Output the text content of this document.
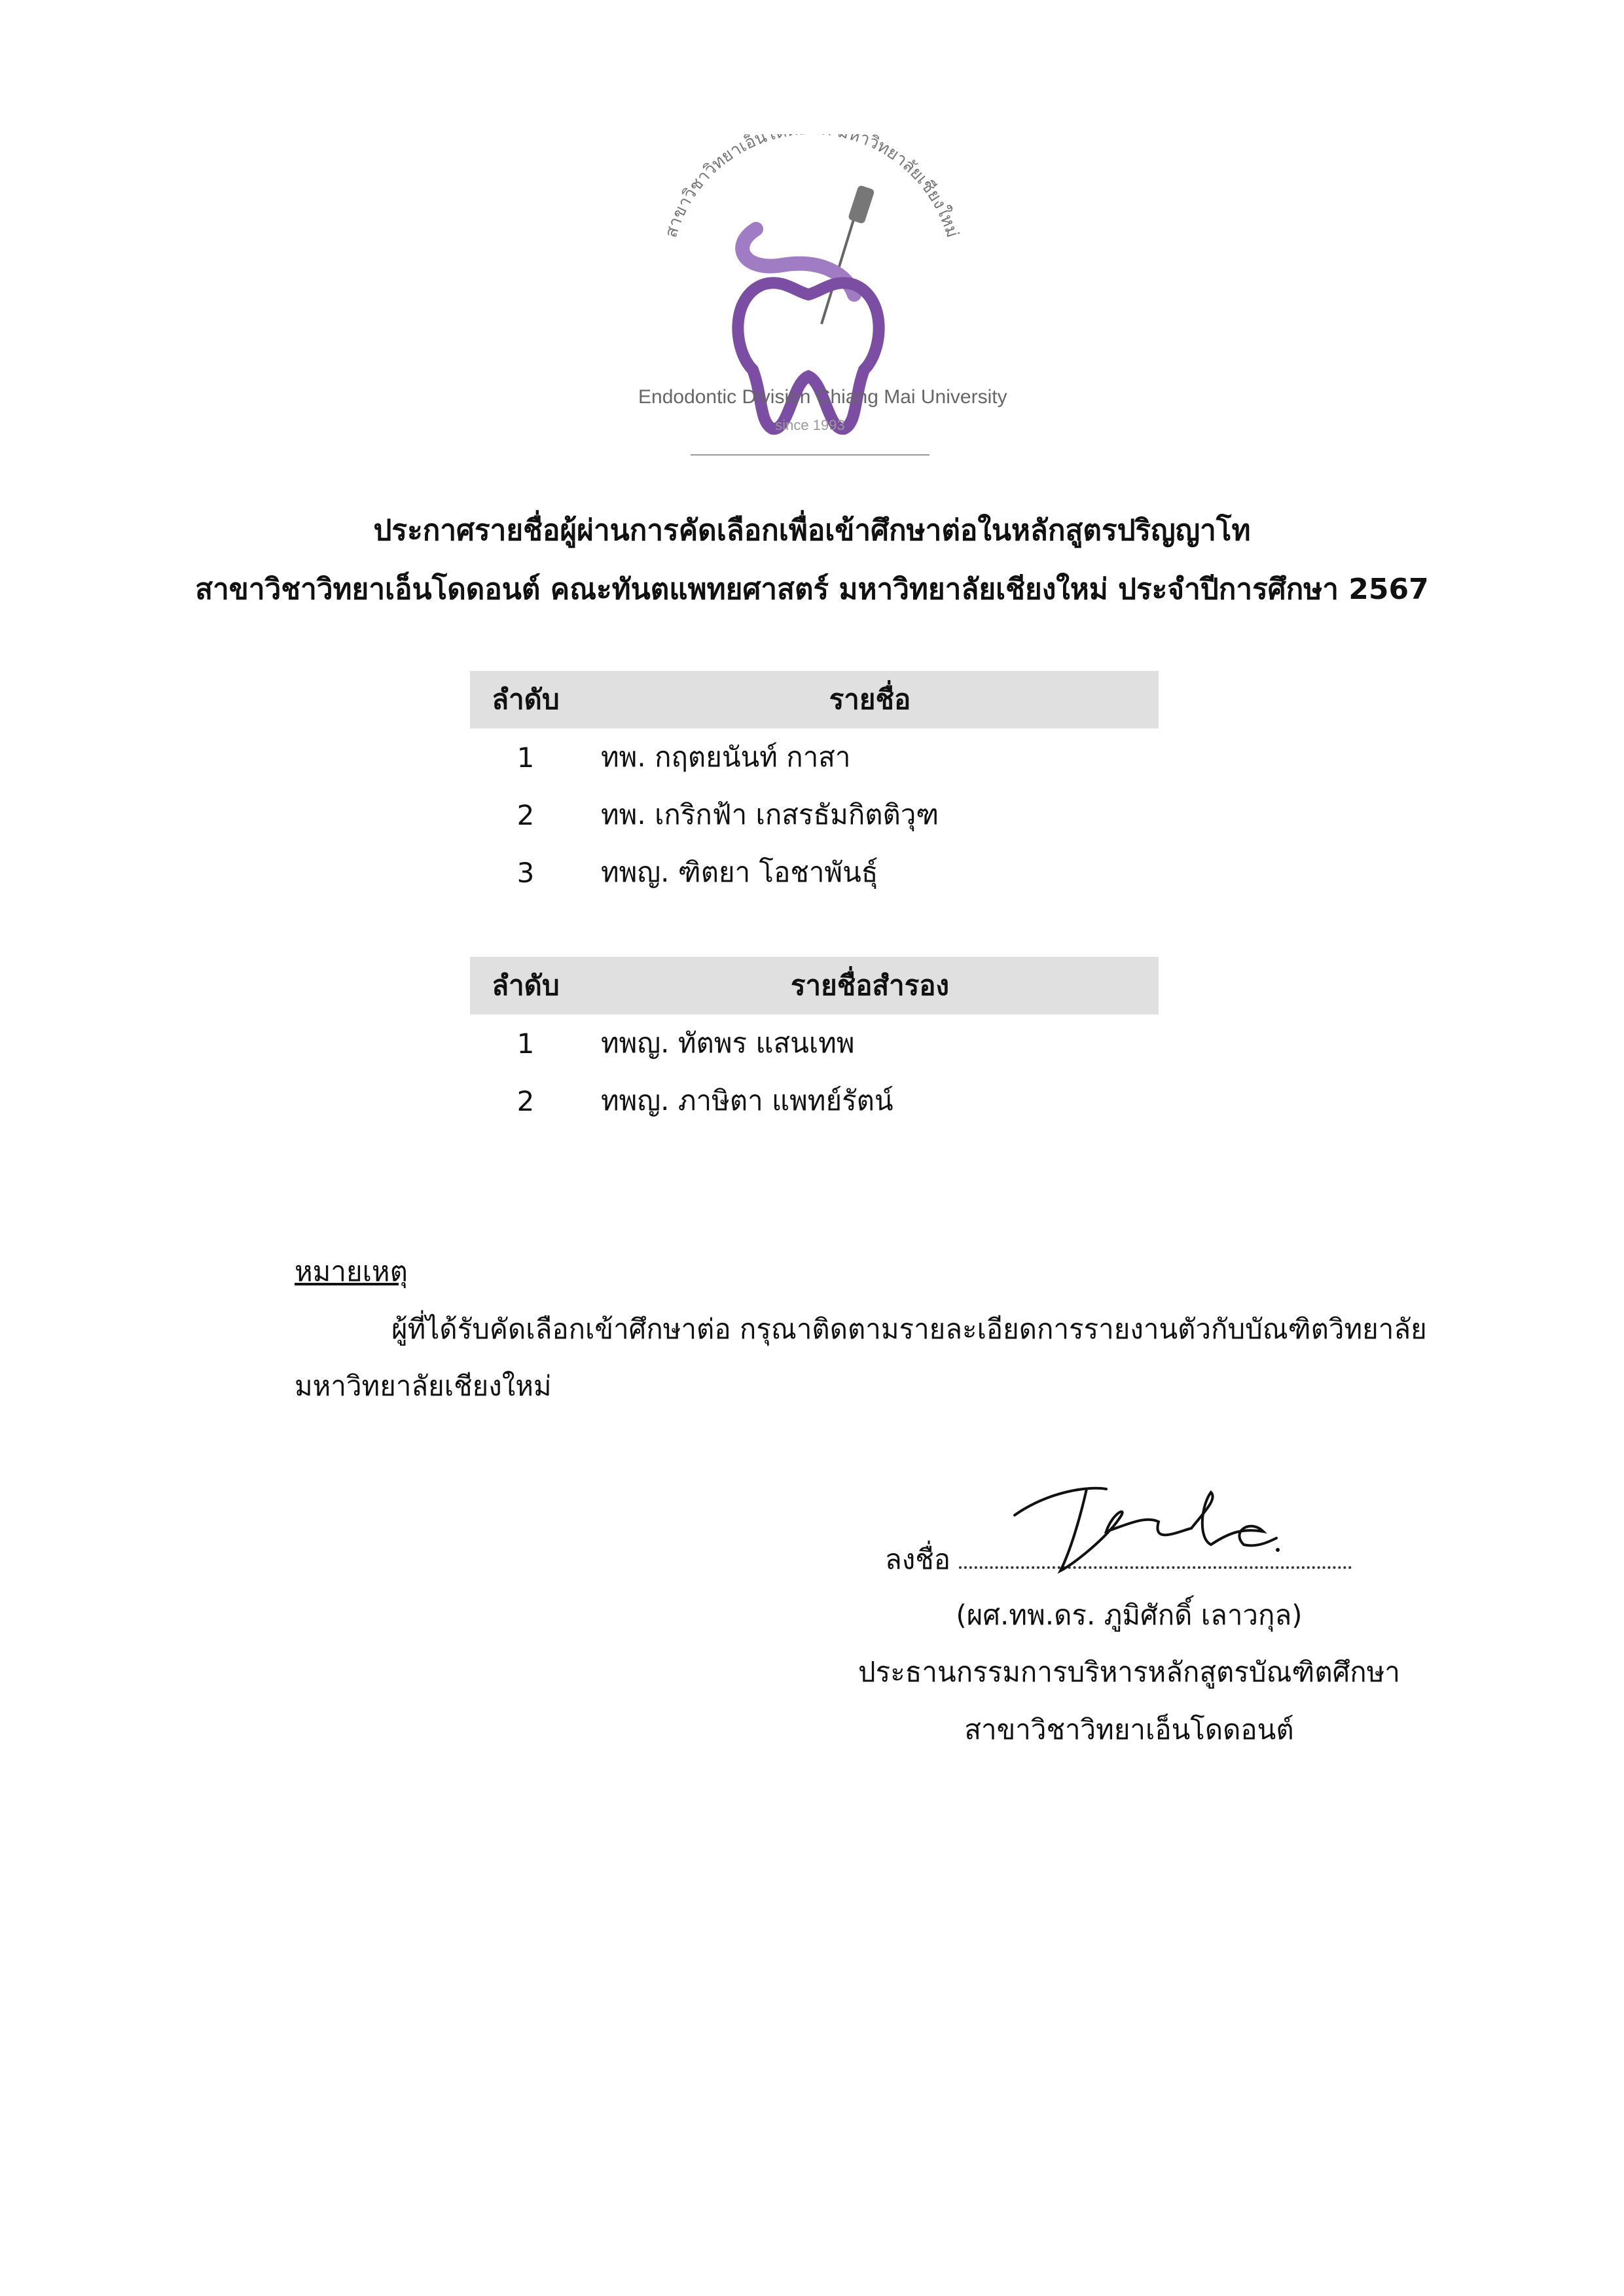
สาขาวิชาวิทยาเอ็นโ หาวิทยาลัยเชียงใหม่
Endodontic Division Chiang Mai University
since 1993
ประกาศรายชื่อผู้ผ่านการคัดเลือกเพื่อเข้าศึกษาต่อในหลักสูตรปริญญาโท
สาขาวิชาวิทยาเอ็นโดดอนต์ คณะทันตแพทยศาสตร์ มหาวิทยาลัยเชียงใหม่ ประจำปีการศึกษา 2567
ลำดับ	รายชื่อ
1	ทพ. กฤตยนันท์ กาสา
2	ทพ. เกริกฟ้า เกสรธัมกิตติวุฑ
3	ทพญ. ฑิตยา โอชาพันธุ์
ลำดับ	รายชื่อสำรอง
1	ทพญ. ทัตพร แสนเทพ
2	ทพญ. ภาษิตา แพทย์รัตน์
หมายเหตุ
ผู้ที่ได้รับคัดเลือกเข้าศึกษาต่อ กรุณาติดตามรายละเอียดการรายงานตัวกับบัณฑิตวิทยาลัย
มหาวิทยาลัยเชียงใหม่
ลงชื่อ
(ผศ.ทพ.ดร. ภูมิศักดิ์ เลาวกุล)
ประธานกรรมการบริหารหลักสูตรบัณฑิตศึกษา
สาขาวิชาวิทยาเอ็นโดดอนต์
